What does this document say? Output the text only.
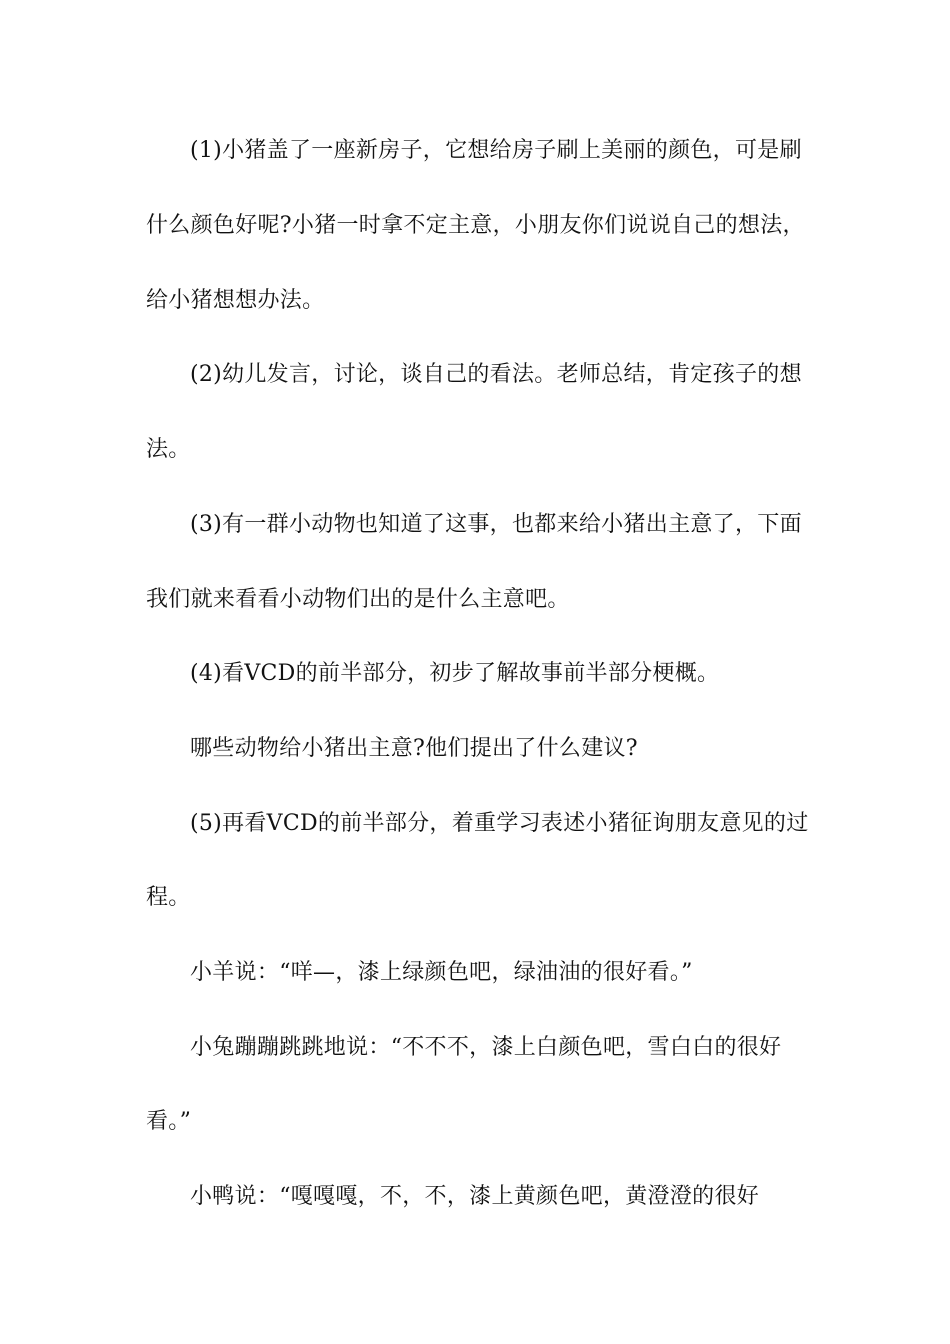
(1)小猪盖了一座新房子，它想给房子刷上美丽的颜色，可是刷
什么颜色好呢?小猪一时拿不定主意，小朋友你们说说自己的想法，
给小猪想想办法。
(2)幼儿发言，讨论，谈自己的看法。老师总结，肯定孩子的想
法。
(3)有一群小动物也知道了这事，也都来给小猪出主意了，下面
我们就来看看小动物们出的是什么主意吧。
(4)看VCD的前半部分，初步了解故事前半部分梗概。
哪些动物给小猪出主意?他们提出了什么建议?
(5)再看VCD的前半部分，着重学习表述小猪征询朋友意见的过
程。
小羊说：“咩—，漆上绿颜色吧，绿油油的很好看。”
小兔蹦蹦跳跳地说：“不不不，漆上白颜色吧，雪白白的很好
看。”
小鸭说：“嘎嘎嘎，不，不，漆上黄颜色吧，黄澄澄的很好
